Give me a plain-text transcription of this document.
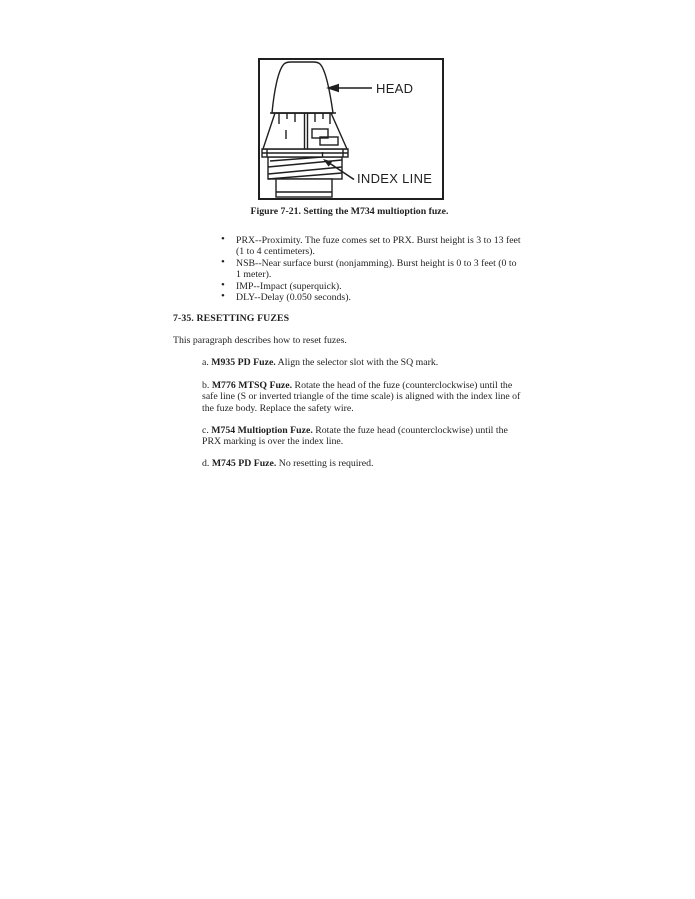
HEAD
INDEX LINE
Figure 7-21. Setting the M734 multioption fuze.
• PRX--Proximity. The fuze comes set to PRX. Burst height is 3 to 13 feet (1 to 4 centimeters).
• NSB--Near surface burst (nonjamming). Burst height is 0 to 3 feet (0 to 1 meter).
• IMP--Impact (superquick).
• DLY--Delay (0.050 seconds).
7-35. RESETTING FUZES

This paragraph describes how to reset fuzes.

a. M935 PD Fuze. Align the selector slot with the SQ mark.

b. M776 MTSQ Fuze. Rotate the head of the fuze (counterclockwise) until the safe line (S or inverted triangle of the time scale) is aligned with the index line of the fuze body. Replace the safety wire.

c. M754 Multioption Fuze. Rotate the fuze head (counterclockwise) until the PRX marking is over the index line.

d. M745 PD Fuze. No resetting is required.
